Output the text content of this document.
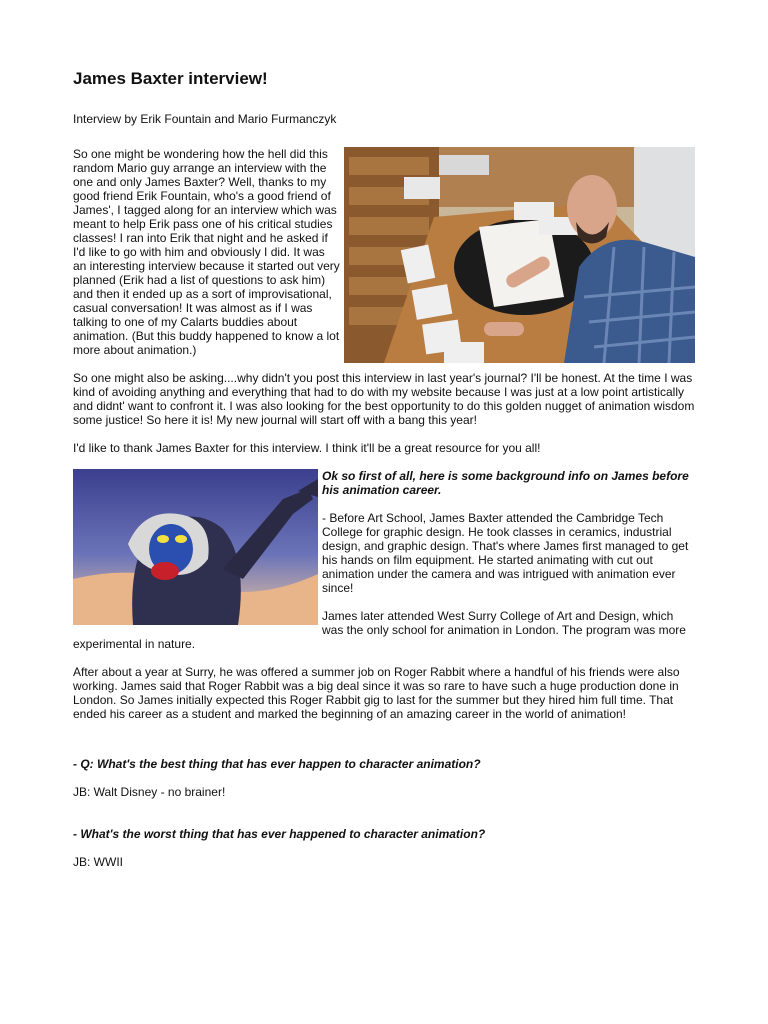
James Baxter interview!

Interview by Erik Fountain and Mario Furmanczyk

So one might be wondering how the hell did this random Mario guy arrange an interview with the one and only James Baxter? Well, thanks to my good friend Erik Fountain, who's a good friend of James', I tagged along for an interview which was meant to help Erik pass one of his critical studies classes! I ran into Erik that night and he asked if I'd like to go with him and obviously I did. It was an interesting interview because it started out very planned (Erik had a list of questions to ask him) and then it ended up as a sort of improvisational, casual conversation! It was almost as if I was talking to one of my Calarts buddies about animation. (But this buddy happened to know a lot more about animation.)

So one might also be asking....why didn't you post this interview in last year's journal? I'll be honest. At the time I was kind of avoiding anything and everything that had to do with my website because I was just at a low point artistically and didnt' want to confront it. I was also looking for the best opportunity to do this golden nugget of animation wisdom some justice! So here it is! My new journal will start off with a bang this year!

I'd like to thank James Baxter for this interview. I think it'll be a great resource for you all!

Ok so first of all, here is some background info on James before his animation career.

- Before Art School, James Baxter attended the Cambridge Tech College for graphic design. He took classes in ceramics, industrial design, and graphic design. That's where James first managed to get his hands on film equipment. He started animating with cut out animation under the camera and was intrigued with animation ever since!

James later attended West Surry College of Art and Design, which was the only school for animation in London. The program was more experimental in nature.

After about a year at Surry, he was offered a summer job on Roger Rabbit where a handful of his friends were also working. James said that Roger Rabbit was a big deal since it was so rare to have such a huge production done in London. So James initially expected this Roger Rabbit gig to last for the summer but they hired him full time. That ended his career as a student and marked the beginning of an amazing career in the world of animation!

- Q: What's the best thing that has ever happen to character animation?

JB: Walt Disney - no brainer!

- What's the worst thing that has ever happened to character animation?

JB: WWII
